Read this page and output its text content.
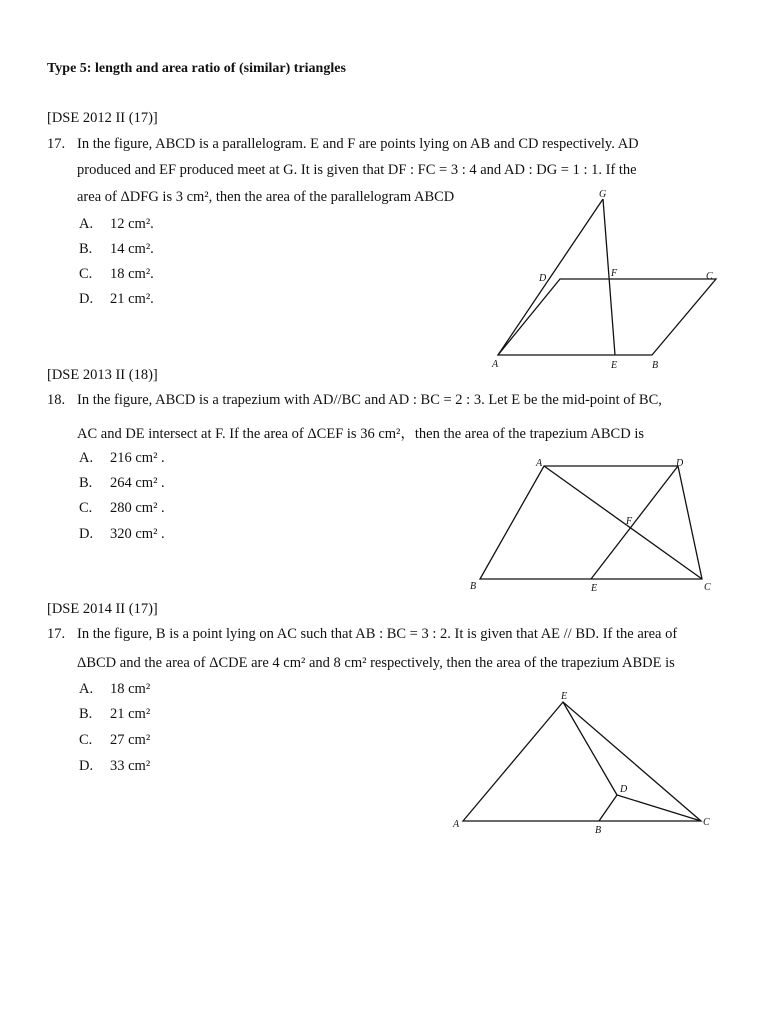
Type 5: length and area ratio of (similar) triangles
[DSE 2012 II (17)]
17. In the figure, ABCD is a parallelogram. E and F are points lying on AB and CD respectively. AD
produced and EF produced meet at G. It is given that DF : FC = 3 : 4 and AD : DG = 1 : 1. If the
area of ΔDFG is 3 cm², then the area of the parallelogram ABCD
A. 12 cm².
B. 14 cm².
C. 18 cm².
D. 21 cm².
G
D	F	C
A	E	B
[DSE 2013 II (18)]
18. In the figure, ABCD is a trapezium with AD//BC and AD : BC = 2 : 3. Let E be the mid-point of BC,
AC and DE intersect at F. If the area of ΔCEF is 36 cm²，then the area of the trapezium ABCD is
A. 216 cm² .
B. 264 cm² .
C. 280 cm² .
D. 320 cm² .
A	D
F
B	E	C
[DSE 2014 II (17)]
17. In the figure, B is a point lying on AC such that AB : BC = 3 : 2. It is given that AE // BD. If the area of
ΔBCD and the area of ΔCDE are 4 cm² and 8 cm² respectively, then the area of the trapezium ABDE is
A. 18 cm²
B. 21 cm²
C. 27 cm²
D. 33 cm²
E
D
A
B
C
